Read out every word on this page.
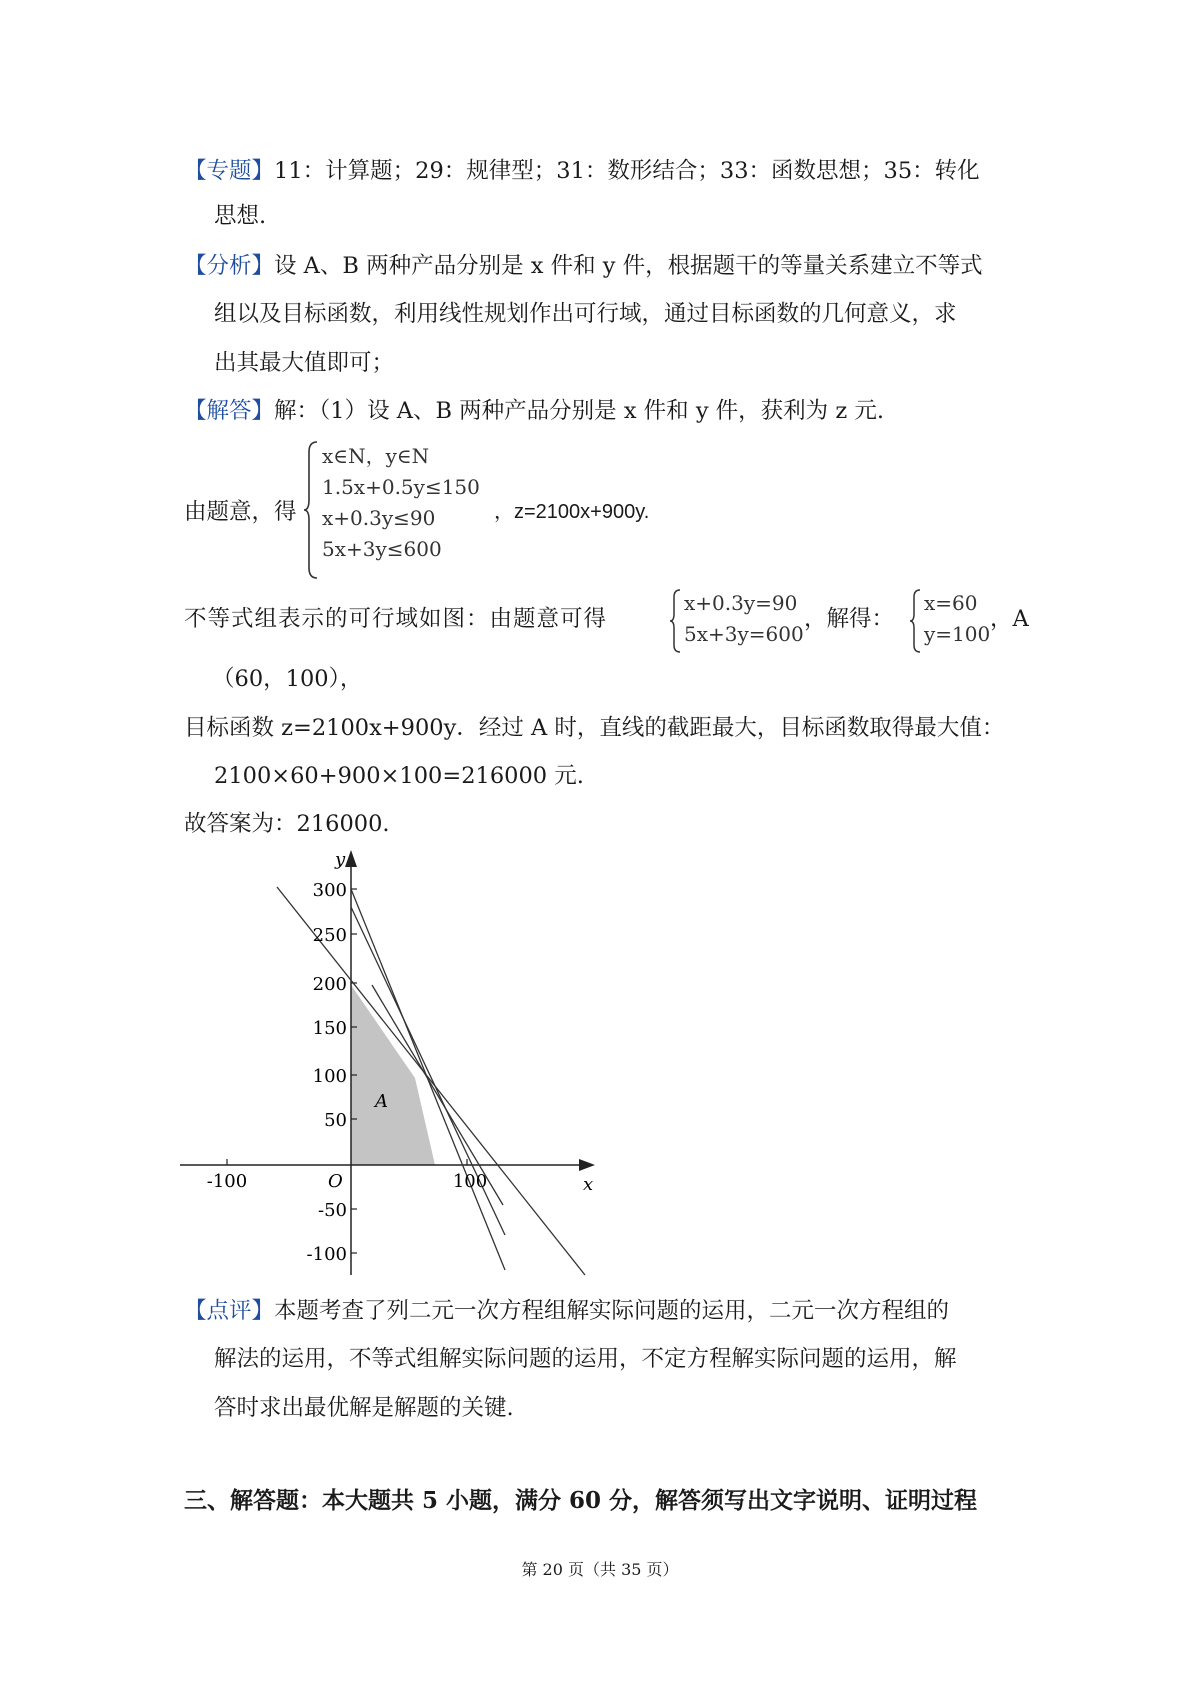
【专题】11：计算题；29：规律型；31：数形结合；33：函数思想；35：转化
思想.
【分析】设 A、B 两种产品分别是 x 件和 y 件，根据题干的等量关系建立不等式
组以及目标函数，利用线性规划作出可行域，通过目标函数的几何意义，求
出其最大值即可；
【解答】解：（1）设 A、B 两种产品分别是 x 件和 y 件，获利为 z 元.
由题意，得
x∈N，y∈N
1.5x+0.5y≤150
x+0.3y≤90
5x+3y≤600
，z=2100x+900y.
不等式组表示的可行域如图：由题意可得
x+0.3y=90
5x+3y=600
，解得：
x=60
y=100
，A
（60，100），
目标函数 z=2100x+900y．经过 A 时，直线的截距最大，目标函数取得最大值：
2100×60+900×100=216000 元.
故答案为：216000.
y
x
O
A
300
250
200
150
100
50
-50
-100
-100	100
【点评】本题考查了列二元一次方程组解实际问题的运用，二元一次方程组的
解法的运用，不等式组解实际问题的运用，不定方程解实际问题的运用，解
答时求出最优解是解题的关键.
三、解答题：本大题共 5 小题，满分 60 分，解答须写出文字说明、证明过程
第 20 页（共 35 页）
